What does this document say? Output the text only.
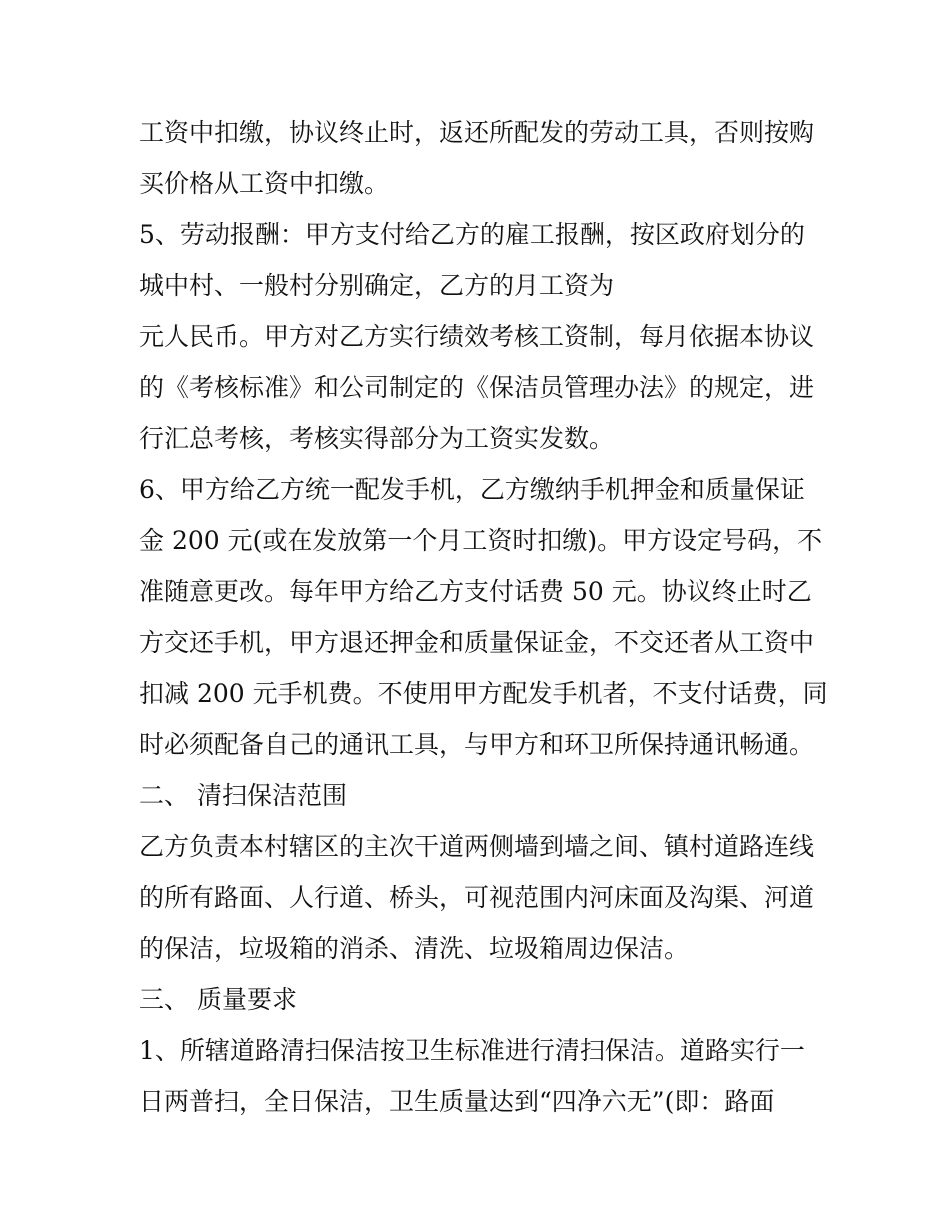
工资中扣缴，协议终止时，返还所配发的劳动工具，否则按购
买价格从工资中扣缴。
5、劳动报酬：甲方支付给乙方的雇工报酬，按区政府划分的
城中村、一般村分别确定，乙方的月工资为
元人民币。甲方对乙方实行绩效考核工资制，每月依据本协议
的《考核标准》和公司制定的《保洁员管理办法》的规定，进
行汇总考核，考核实得部分为工资实发数。
6、甲方给乙方统一配发手机，乙方缴纳手机押金和质量保证
金 200 元(或在发放第一个月工资时扣缴)。甲方设定号码，不
准随意更改。每年甲方给乙方支付话费 50 元。协议终止时乙
方交还手机，甲方退还押金和质量保证金，不交还者从工资中
扣减 200 元手机费。不使用甲方配发手机者，不支付话费，同
时必须配备自己的通讯工具，与甲方和环卫所保持通讯畅通。
二、 清扫保洁范围
乙方负责本村辖区的主次干道两侧墙到墙之间、镇村道路连线
的所有路面、人行道、桥头，可视范围内河床面及沟渠、河道
的保洁，垃圾箱的消杀、清洗、垃圾箱周边保洁。
三、 质量要求
1、所辖道路清扫保洁按卫生标准进行清扫保洁。道路实行一
日两普扫，全日保洁，卫生质量达到“四净六无”(即：路面
